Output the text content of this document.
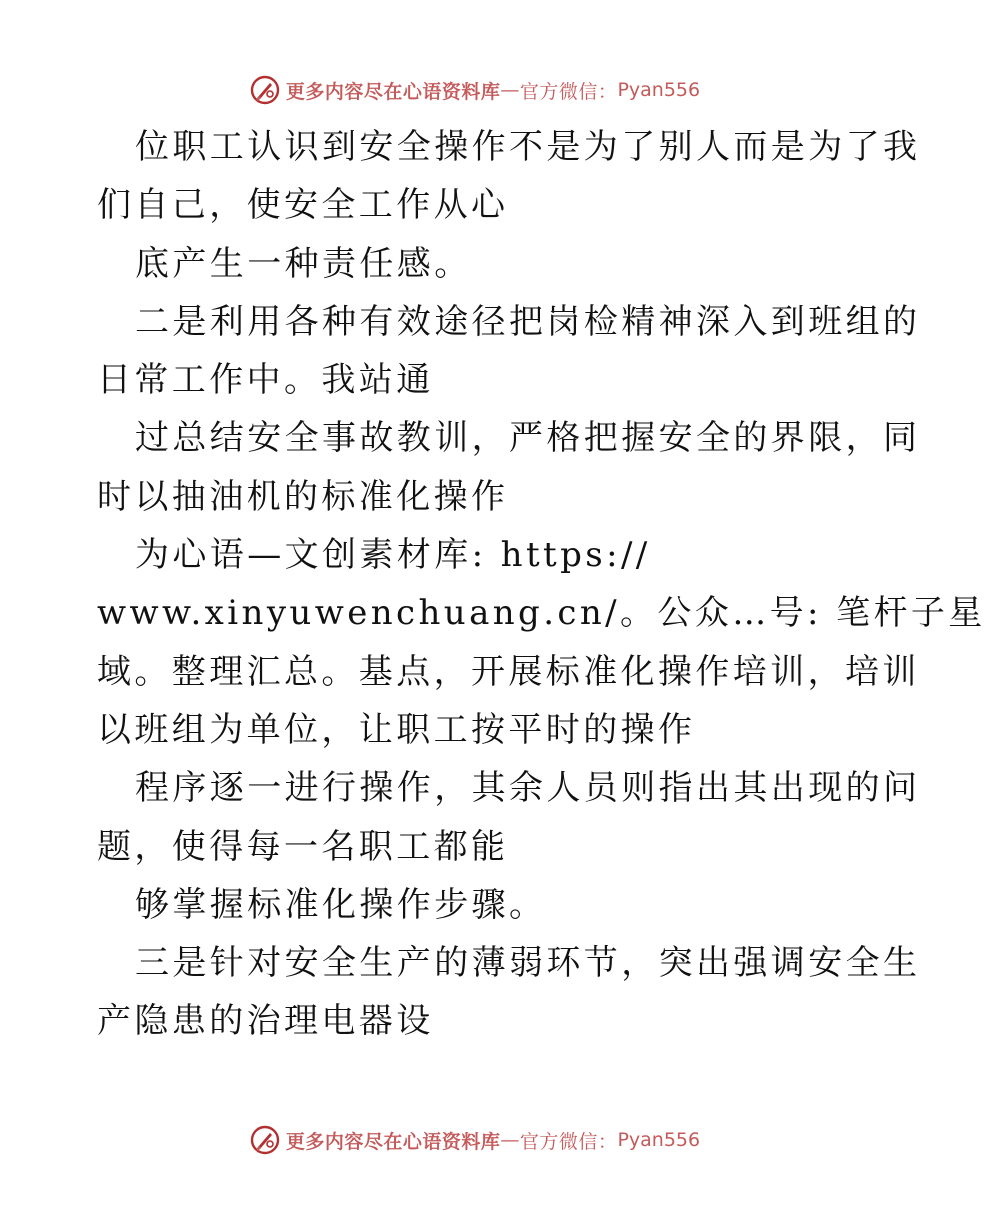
更多内容尽在心语资料库 — 官方微信： Pyan556
位职工认识到安全操作不是为了别人而是为了我
们自己，使安全工作从心
底产生一种责任感。
二是利用各种有效途径把岗检精神深入到班组的
日常工作中。我站通
过总结安全事故教训，严格把握安全的界限，同
时以抽油机的标准化操作
为心语—文创素材库: https://
www.xinyuwenchuang.cn/。公众…号: 笔杆子星
域。整理汇总。基点，开展标准化操作培训，培训
以班组为单位，让职工按平时的操作
程序逐一进行操作，其余人员则指出其出现的问
题，使得每一名职工都能
够掌握标准化操作步骤。
三是针对安全生产的薄弱环节，突出强调安全生
产隐患的治理电器设
更多内容尽在心语资料库 — 官方微信： Pyan556
